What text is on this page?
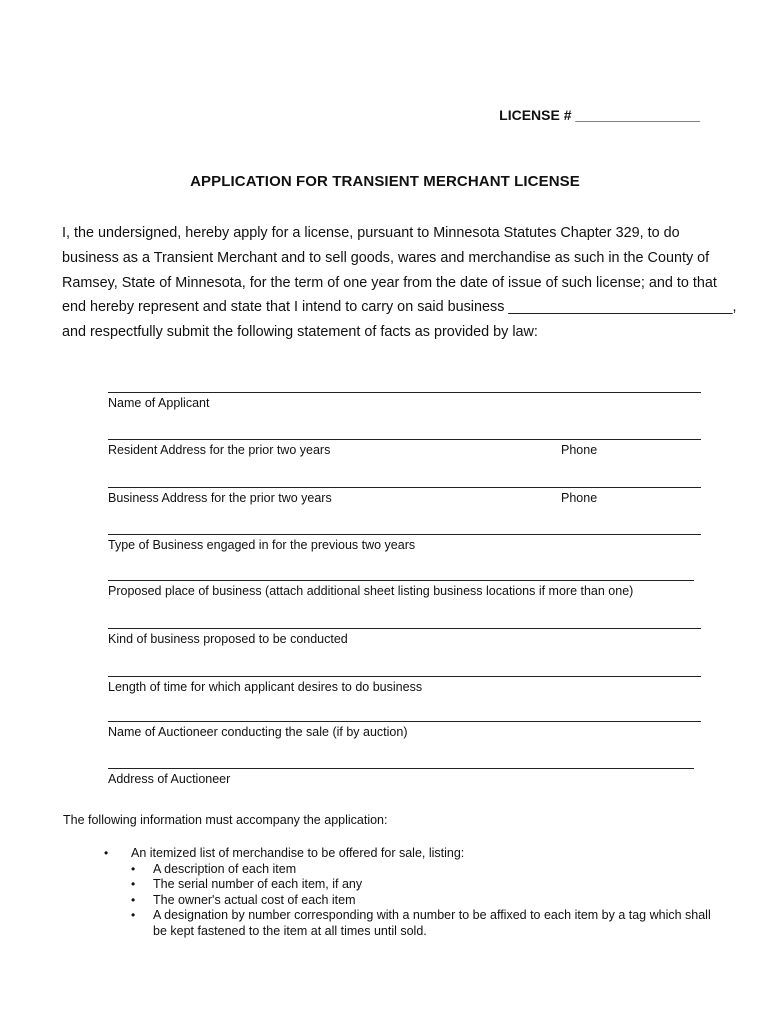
LICENSE # ________________
APPLICATION FOR TRANSIENT MERCHANT LICENSE
I, the undersigned, hereby apply for a license, pursuant to Minnesota Statutes Chapter 329, to do
business as a Transient Merchant and to sell goods, wares and merchandise as such in the County of
Ramsey, State of Minnesota, for the term of one year from the date of issue of such license; and to that
end hereby represent and state that I intend to carry on said business ____________________________,
and respectfully submit the following statement of facts as provided by law:
Name of Applicant
Resident Address for the prior two years	Phone
Business Address for the prior two years	Phone
Type of Business engaged in for the previous two years
Proposed place of business (attach additional sheet listing business locations if more than one)
Kind of business proposed to be conducted
Length of time for which applicant desires to do business
Name of Auctioneer conducting the sale (if by auction)
Address of Auctioneer
The following information must accompany the application:
•	An itemized list of merchandise to be offered for sale, listing:
•	A description of each item
•	The serial number of each item, if any
•	The owner's actual cost of each item
•	A designation by number corresponding with a number to be affixed to each item by a tag which shall be kept fastened to the item at all times until sold.
